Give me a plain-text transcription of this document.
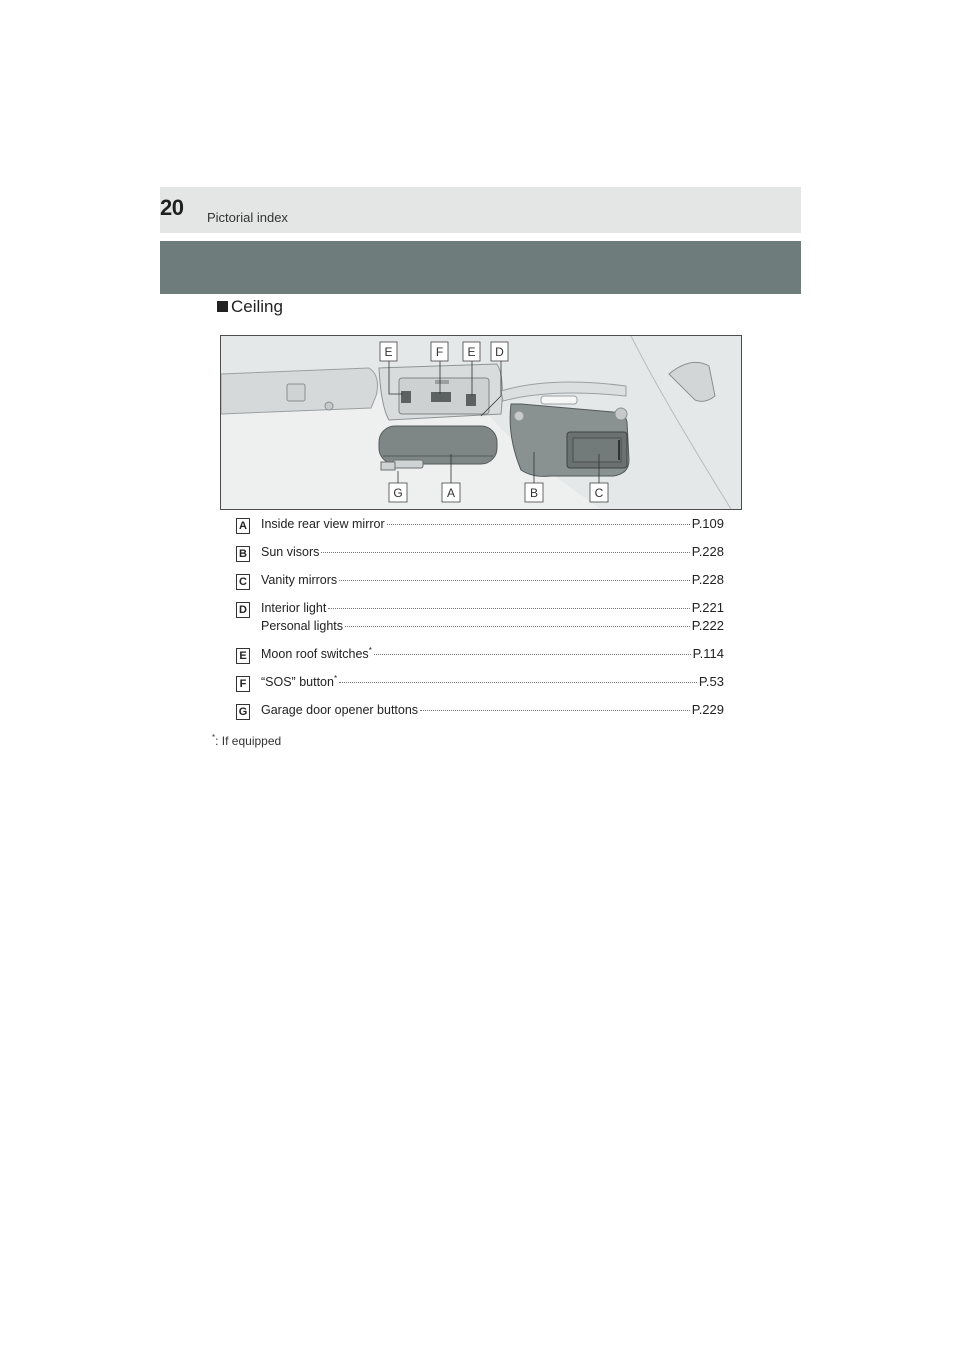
20 Pictorial index
Ceiling
E	F E D
G	A	B	C
A Inside rear view mirror	P.109
B Sun visors	P.228
C Vanity mirrors	P.228
D Interior light	P.221
Personal lights	P.222
E Moon roof switches*	P.114
F “SOS” button*	P.53
G Garage door opener buttons	P.229
*: If equipped
